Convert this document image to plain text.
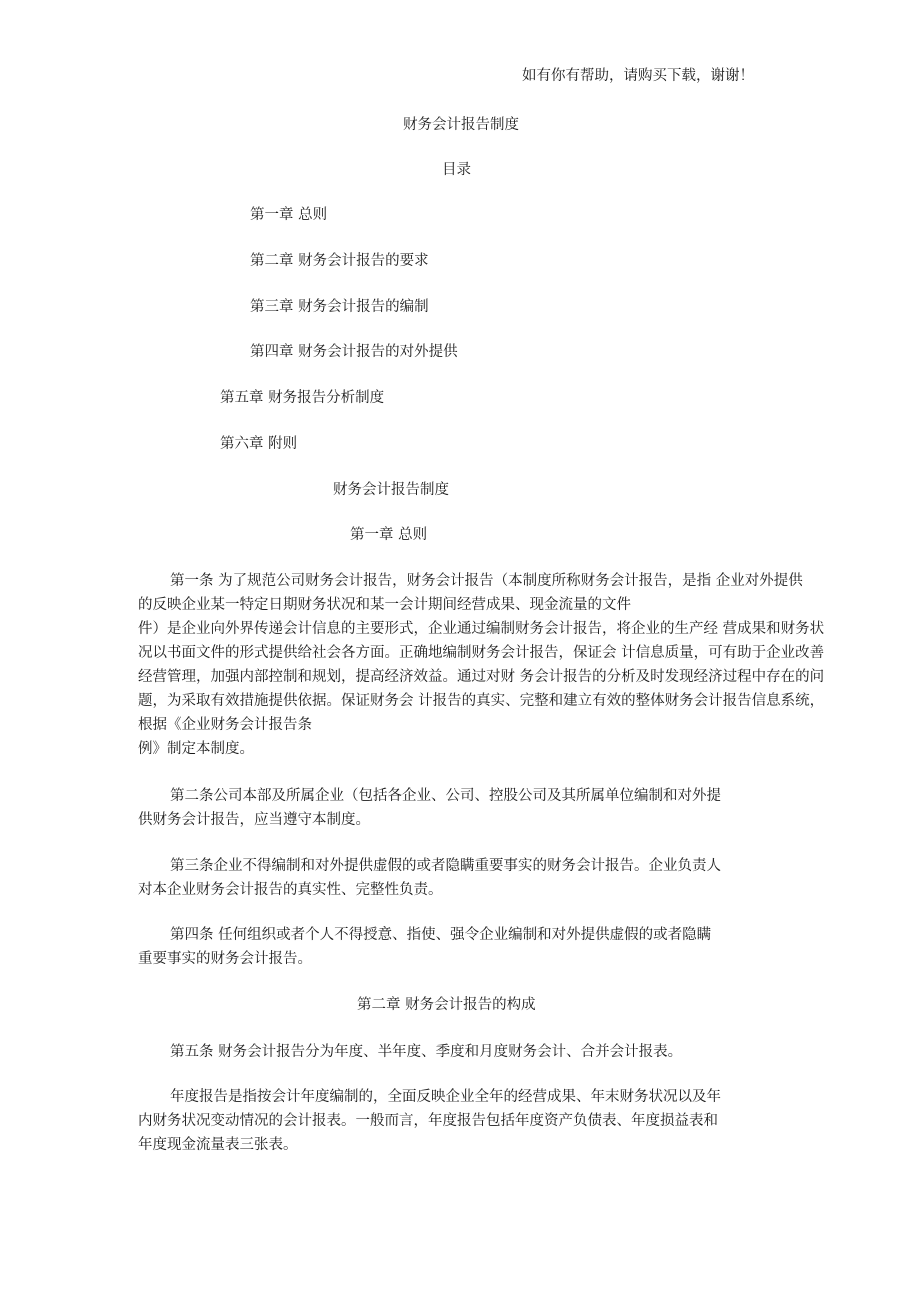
如有你有帮助，请购买下载，谢谢！
财务会计报告制度
目录
第一章 总则
第二章 财务会计报告的要求
第三章 财务会计报告的编制
第四章 财务会计报告的对外提供
第五章 财务报告分析制度
第六章 附则
财务会计报告制度
第一章 总则
第一条 为了规范公司财务会计报告，财务会计报告（本制度所称财务会计报告，是指 企业对外提供
的反映企业某一特定日期财务状况和某一会计期间经营成果、现金流量的文件
件）是企业向外界传递会计信息的主要形式，企业通过编制财务会计报告，将企业的生产经 营成果和财务状
况以书面文件的形式提供给社会各方面。正确地编制财务会计报告，保证会 计信息质量，可有助于企业改善
经营管理，加强内部控制和规划，提高经济效益。通过对财 务会计报告的分析及时发现经济过程中存在的问
题，为采取有效措施提供依据。保证财务会 计报告的真实、完整和建立有效的整体财务会计报告信息系统，
根据《企业财务会计报告条
例》制定本制度。
第二条公司本部及所属企业（包括各企业、公司、控股公司及其所属单位编制和对外提
供财务会计报告，应当遵守本制度。
第三条企业不得编制和对外提供虚假的或者隐瞒重要事实的财务会计报告。企业负责人
对本企业财务会计报告的真实性、完整性负责。
第四条 任何组织或者个人不得授意、指使、强令企业编制和对外提供虚假的或者隐瞒
重要事实的财务会计报告。
第二章 财务会计报告的构成
第五条 财务会计报告分为年度、半年度、季度和月度财务会计、合并会计报表。
年度报告是指按会计年度编制的，全面反映企业全年的经营成果、年末财务状况以及年
内财务状况变动情况的会计报表。一般而言，年度报告包括年度资产负债表、年度损益表和
年度现金流量表三张表。
